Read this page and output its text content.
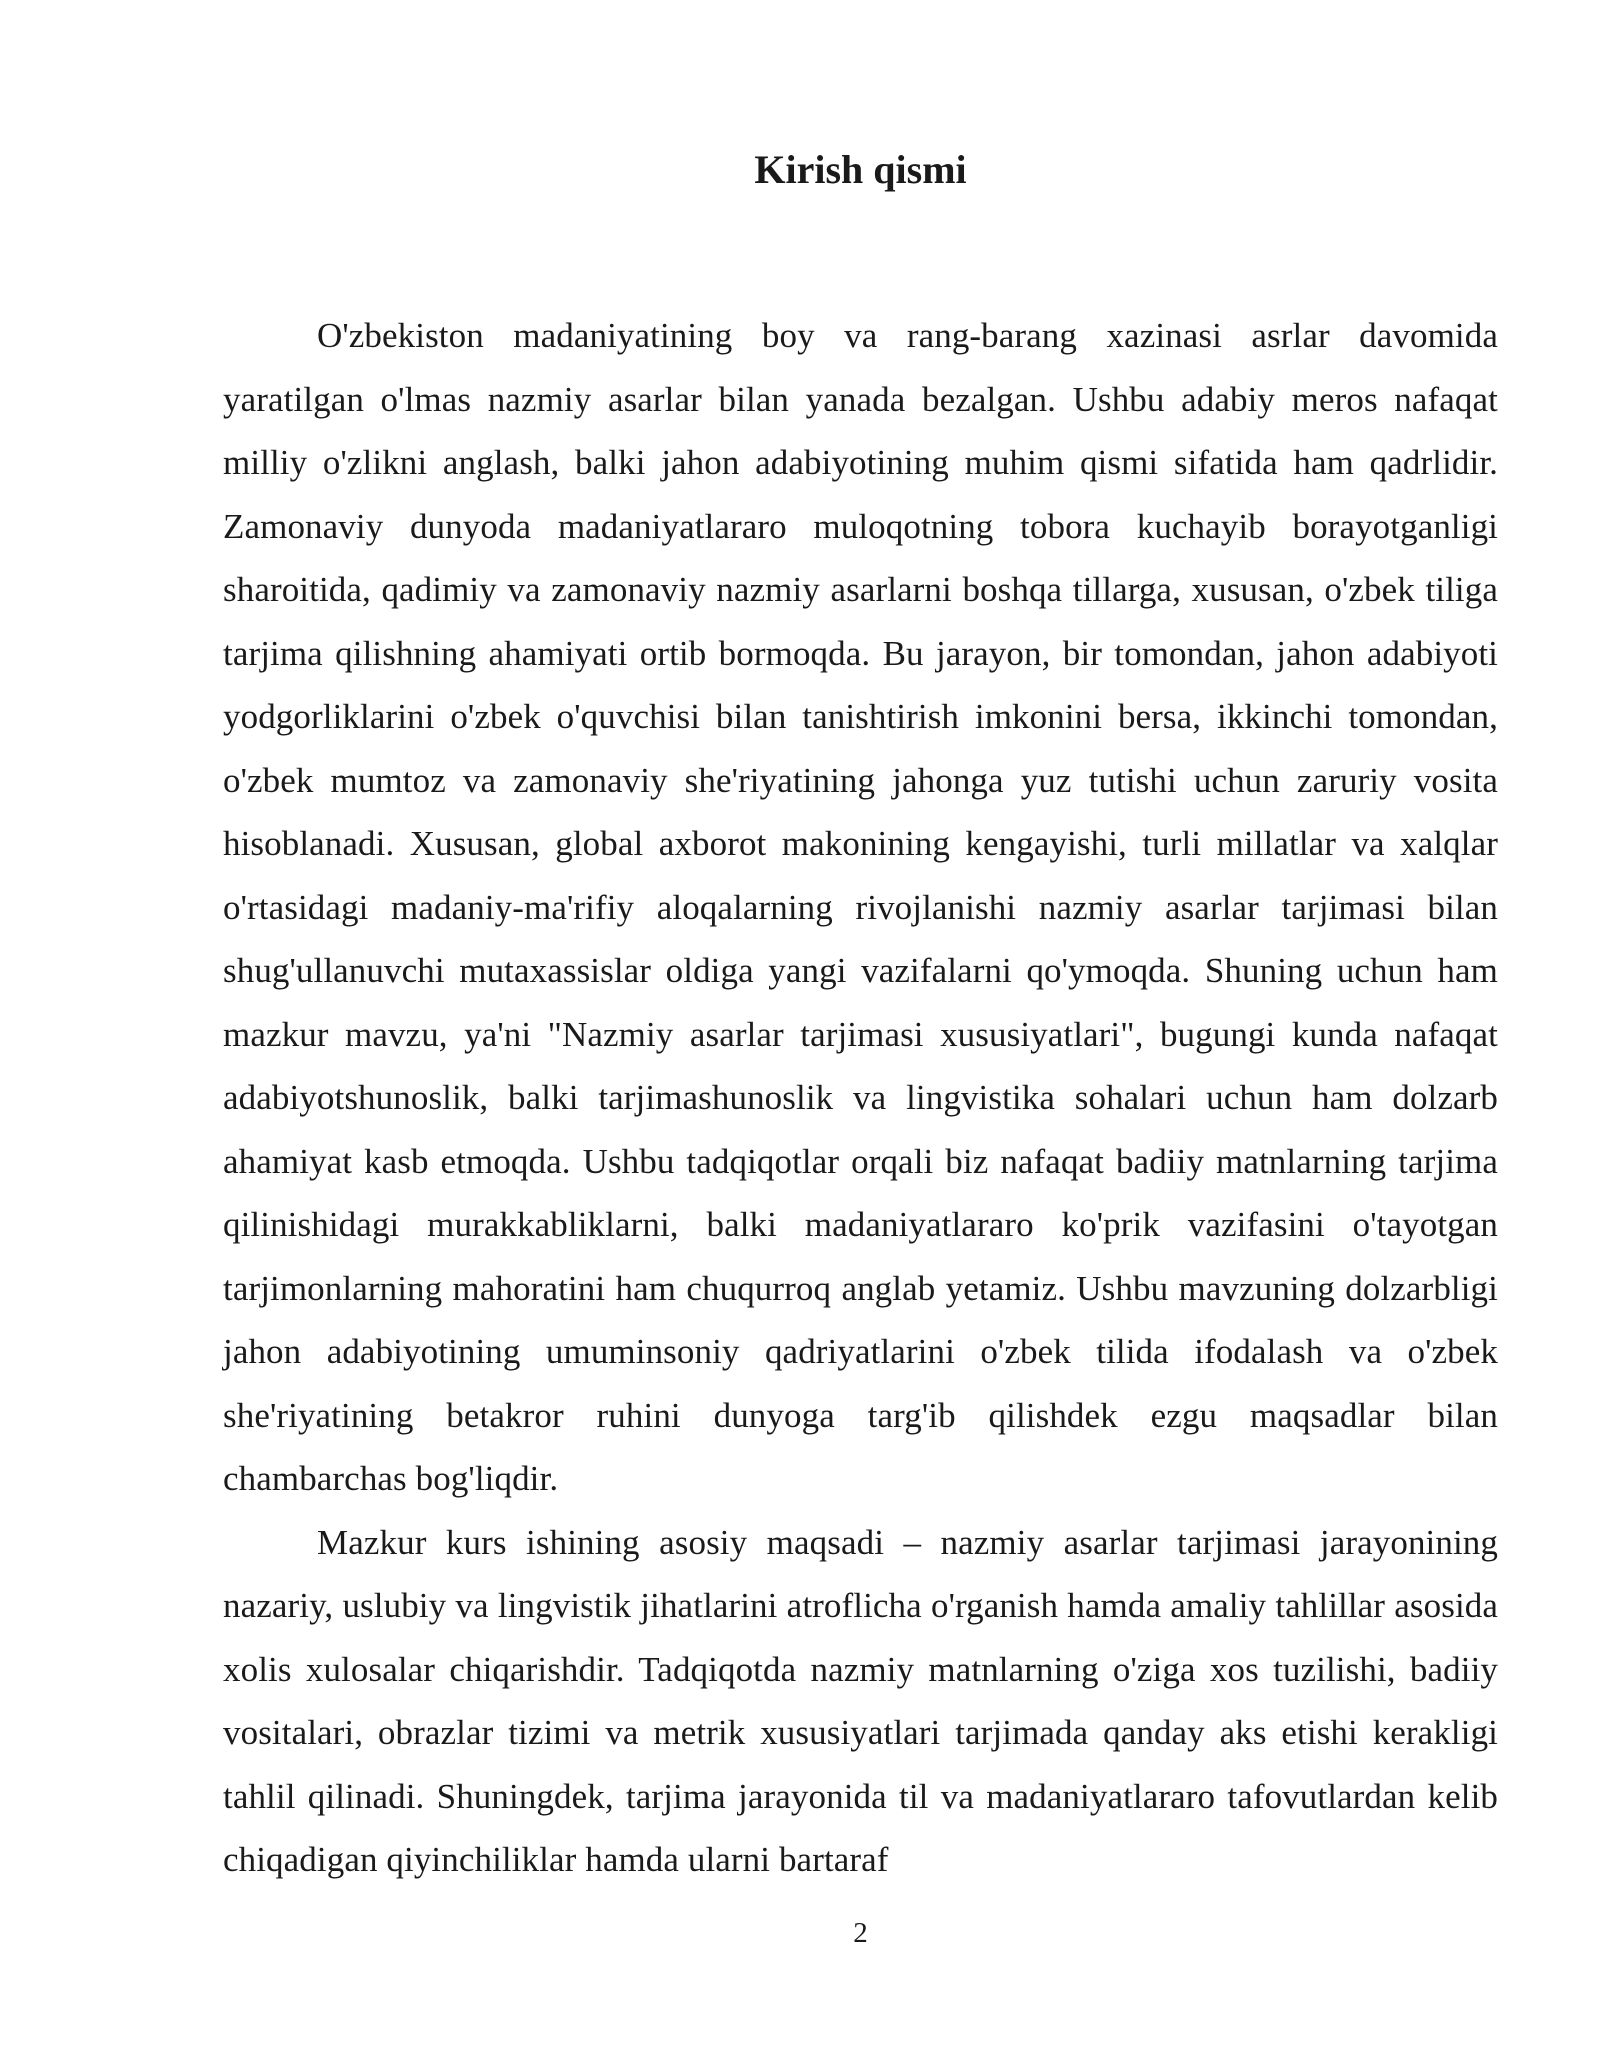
Kirish qismi

O'zbekiston madaniyatining boy va rang-barang xazinasi asrlar davomida yaratilgan o'lmas nazmiy asarlar bilan yanada bezalgan. Ushbu adabiy meros nafaqat milliy o'zlikni anglash, balki jahon adabiyotining muhim qismi sifatida ham qadrlidir. Zamonaviy dunyoda madaniyatlararo muloqotning tobora kuchayib borayotganligi sharoitida, qadimiy va zamonaviy nazmiy asarlarni boshqa tillarga, xususan, o'zbek tiliga tarjima qilishning ahamiyati ortib bormoqda. Bu jarayon, bir tomondan, jahon adabiyoti yodgorliklarini o'zbek o'quvchisi bilan tanishtirish imkonini bersa, ikkinchi tomondan, o'zbek mumtoz va zamonaviy she'riyatining jahonga yuz tutishi uchun zaruriy vosita hisoblanadi. Xususan, global axborot makonining kengayishi, turli millatlar va xalqlar o'rtasidagi madaniy-ma'rifiy aloqalarning rivojlanishi nazmiy asarlar tarjimasi bilan shug'ullanuvchi mutaxassislar oldiga yangi vazifalarni qo'ymoqda. Shuning uchun ham mazkur mavzu, ya'ni "Nazmiy asarlar tarjimasi xususiyatlari", bugungi kunda nafaqat adabiyotshunoslik, balki tarjimashunoslik va lingvistika sohalari uchun ham dolzarb ahamiyat kasb etmoqda. Ushbu tadqiqotlar orqali biz nafaqat badiiy matnlarning tarjima qilinishidagi murakkabliklarni, balki madaniyatlararo ko'prik vazifasini o'tayotgan tarjimonlarning mahoratini ham chuqurroq anglab yetamiz. Ushbu mavzuning dolzarbligi jahon adabiyotining umuminsoniy qadriyatlarini o'zbek tilida ifodalash va o'zbek she'riyatining betakror ruhini dunyoga targ'ib qilishdek ezgu maqsadlar bilan chambarchas bog'liqdir.

Mazkur kurs ishining asosiy maqsadi – nazmiy asarlar tarjimasi jarayonining nazariy, uslubiy va lingvistik jihatlarini atroflicha o'rganish hamda amaliy tahlillar asosida xolis xulosalar chiqarishdir. Tadqiqotda nazmiy matnlarning o'ziga xos tuzilishi, badiiy vositalari, obrazlar tizimi va metrik xususiyatlari tarjimada qanday aks etishi kerakligi tahlil qilinadi. Shuningdek, tarjima jarayonida til va madaniyatlararo tafovutlardan kelib chiqadigan qiyinchiliklar hamda ularni bartaraf

2
